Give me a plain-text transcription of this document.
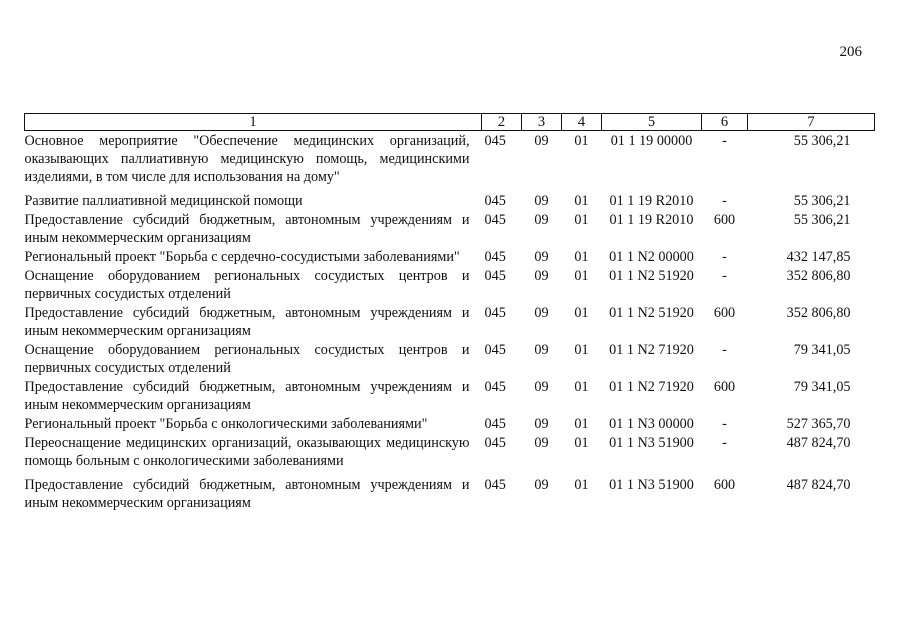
206
1	2	3	4	5	6	7
Основное мероприятие "Обеспечение медицинских организаций, оказывающих паллиативную медицинскую помощь, медицинскими изделиями, в том числе для использования на дому"	045	09	01	01 1 19 00000	-	55 306,21
Развитие паллиативной медицинской помощи	045	09	01	01 1 19 R2010	-	55 306,21
Предоставление субсидий бюджетным, автономным учреждениям и иным некоммерческим организациям	045	09	01	01 1 19 R2010	600	55 306,21
Региональный проект "Борьба с сердечно-сосудистыми заболеваниями"	045	09	01	01 1 N2 00000	-	432 147,85
Оснащение оборудованием региональных сосудистых центров и первичных сосудистых отделений	045	09	01	01 1 N2 51920	-	352 806,80
Предоставление субсидий бюджетным, автономным учреждениям и иным некоммерческим организациям	045	09	01	01 1 N2 51920	600	352 806,80
Оснащение оборудованием региональных сосудистых центров и первичных сосудистых отделений	045	09	01	01 1 N2 71920	-	79 341,05
Предоставление субсидий бюджетным, автономным учреждениям и иным некоммерческим организациям	045	09	01	01 1 N2 71920	600	79 341,05
Региональный проект "Борьба с онкологическими заболеваниями"	045	09	01	01 1 N3 00000	-	527 365,70
Переоснащение медицинских организаций, оказывающих медицинскую помощь больным с онкологическими заболеваниями	045	09	01	01 1 N3 51900	-	487 824,70
Предоставление субсидий бюджетным, автономным учреждениям и иным некоммерческим организациям	045	09	01	01 1 N3 51900	600	487 824,70
